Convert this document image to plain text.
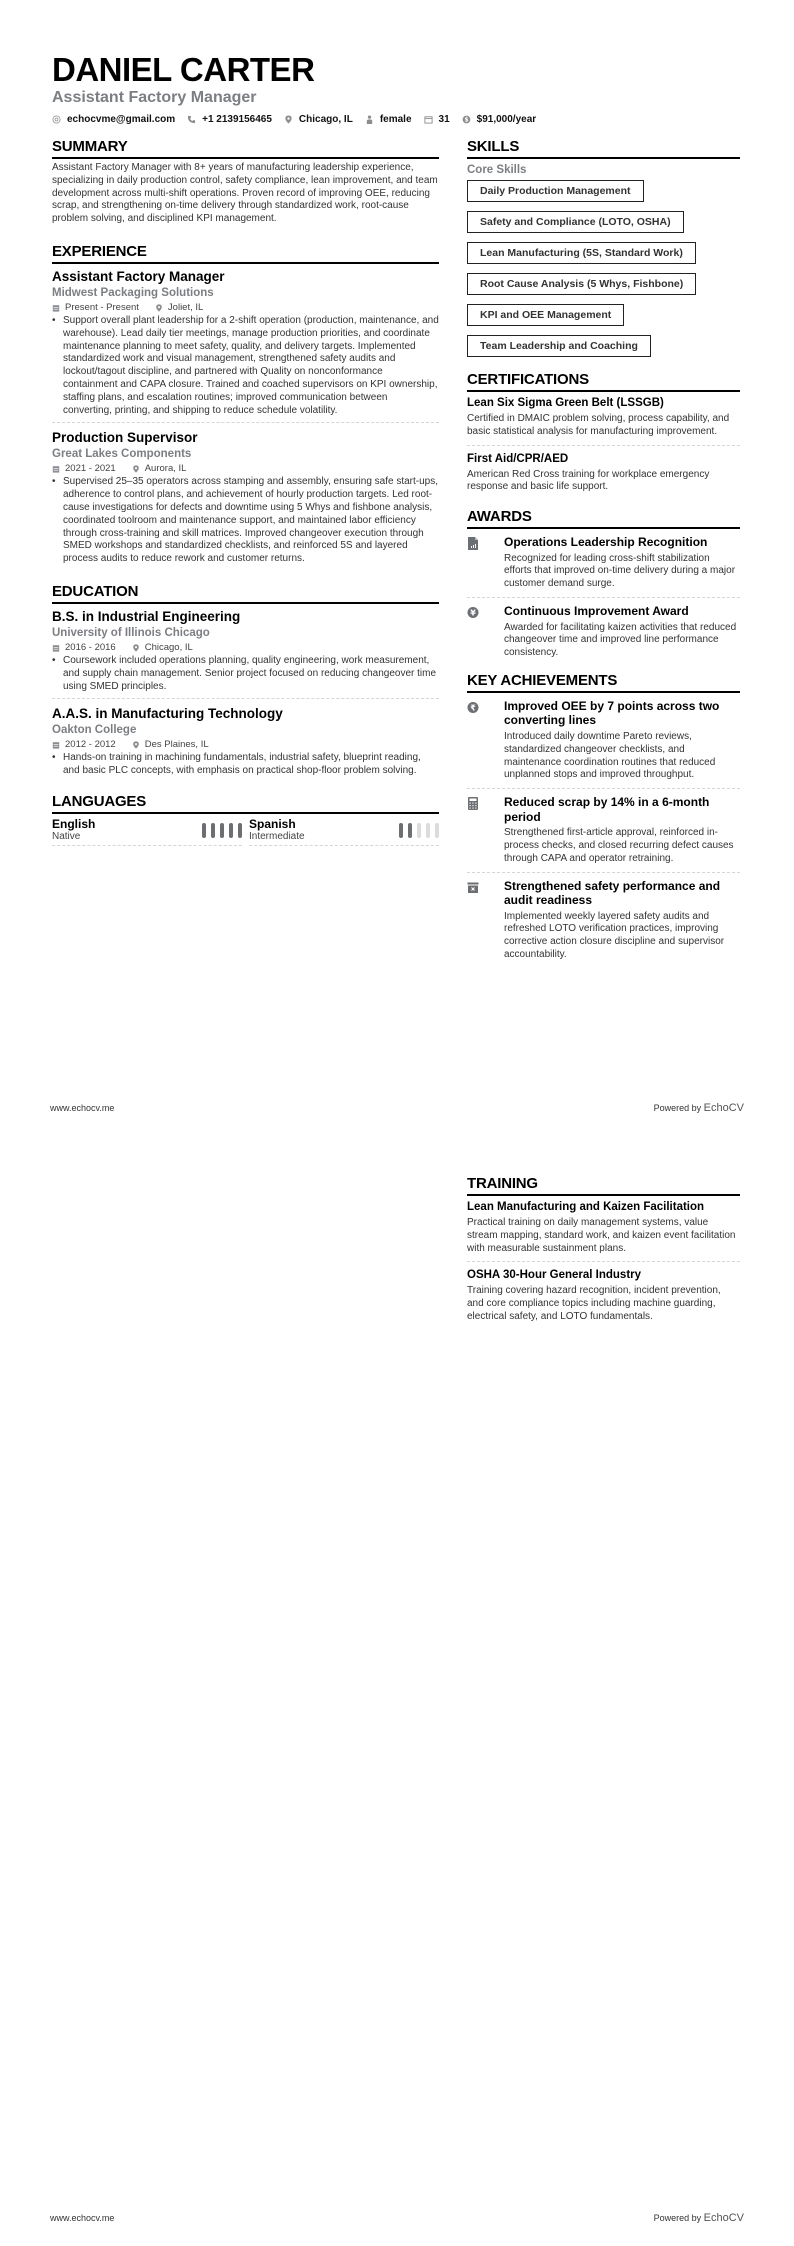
DANIEL CARTER
Assistant Factory Manager
echocvme@gmail.com	+1 2139156465	Chicago, IL	female	31 $ $91,000/year
SUMMARY

Assistant Factory Manager with 8+ years of manufacturing leadership experience, specializing in daily production control, safety compliance, lean improvement, and team development across multi-shift operations. Proven record of improving OEE, reducing scrap, and strengthening on-time delivery through standardized work, root-cause problem solving, and disciplined KPI management.

EXPERIENCE
Assistant Factory Manager
Midwest Packaging Solutions
Present - Present	Joliet, IL
• Support overall plant leadership for a 2-shift operation (production, maintenance, and warehouse). Lead daily tier meetings, manage production priorities, and coordinate maintenance planning to meet safety, quality, and delivery targets. Implemented standardized work and visual management, strengthened safety audits and lockout/tagout discipline, and partnered with Quality on nonconformance containment and CAPA closure. Trained and coached supervisors on KPI ownership, staffing plans, and escalation routines; improved communication between converting, printing, and shipping to reduce schedule volatility.
Production Supervisor
Great Lakes Components
2021 - 2021	Aurora, IL
• Supervised 25–35 operators across stamping and assembly, ensuring safe start-ups, adherence to control plans, and achievement of hourly production targets. Led root-cause investigations for defects and downtime using 5 Whys and fishbone analysis, coordinated toolroom and maintenance support, and maintained labor efficiency through cross-training and skill matrices. Improved changeover execution through SMED workshops and standardized checklists, and reinforced 5S and layered process audits to reduce rework and customer returns.
EDUCATION
B.S. in Industrial Engineering
University of Illinois Chicago
2016 - 2016	Chicago, IL
• Coursework included operations planning, quality engineering, work measurement, and supply chain management. Senior project focused on reducing changeover time using SMED principles.
A.A.S. in Manufacturing Technology
Oakton College
2012 - 2012	Des Plaines, IL
• Hands-on training in machining fundamentals, industrial safety, blueprint reading, and basic PLC concepts, with emphasis on practical shop-floor problem solving.
LANGUAGES
English
Native
Spanish
Intermediate
SKILLS
Core Skills
Daily Production Management
Safety and Compliance (LOTO, OSHA)
Lean Manufacturing (5S, Standard Work)
Root Cause Analysis (5 Whys, Fishbone)
KPI and OEE Management
Team Leadership and Coaching
CERTIFICATIONS
Lean Six Sigma Green Belt (LSSGB)
Certified in DMAIC problem solving, process capability, and basic statistical analysis for manufacturing improvement.
First Aid/CPR/AED
American Red Cross training for workplace emergency response and basic life support.
AWARDS
Operations Leadership Recognition
Recognized for leading cross-shift stabilization efforts that improved on-time delivery during a major customer demand surge.
¥ Continuous Improvement Award
Awarded for facilitating kaizen activities that reduced changeover time and improved line performance consistency.
KEY ACHIEVEMENTS
₹ Improved OEE by 7 points across two converting lines
Introduced daily downtime Pareto reviews, standardized changeover checklists, and maintenance coordination routines that reduced unplanned stops and improved throughput.
Reduced scrap by 14% in a 6-month period
Strengthened first-article approval, reinforced in-process checks, and closed recurring defect causes through CAPA and operator retraining.
Strengthened safety performance and audit readiness
Implemented weekly layered safety audits and refreshed LOTO verification practices, improving corrective action closure discipline and supervisor accountability.
www.echocv.me	Powered by EchoCV
TRAINING
Lean Manufacturing and Kaizen Facilitation
Practical training on daily management systems, value stream mapping, standard work, and kaizen event facilitation with measurable sustainment plans.
OSHA 30-Hour General Industry
Training covering hazard recognition, incident prevention, and core compliance topics including machine guarding, electrical safety, and LOTO fundamentals.
www.echocv.me	Powered by EchoCV
